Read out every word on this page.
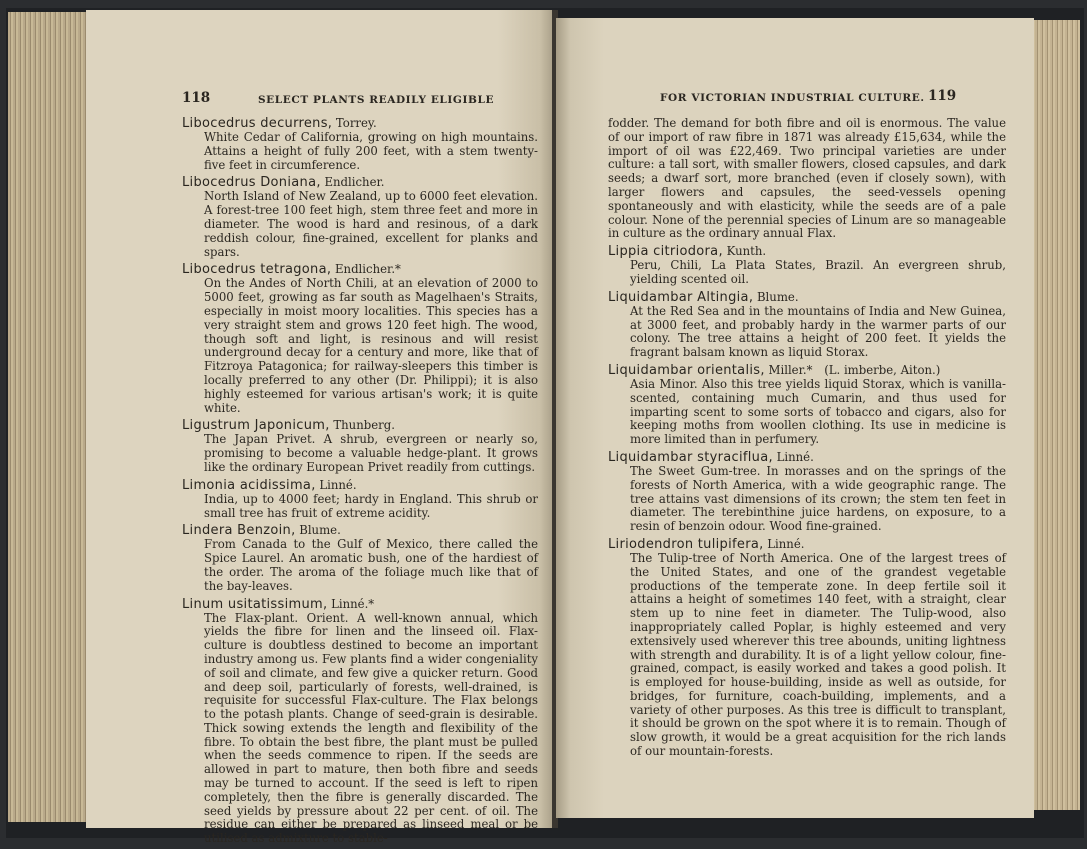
118	SELECT PLANTS READILY ELIGIBLE

Libocedrus decurrens, Torrey.

White Cedar of California, growing on high mountains. Attains a height of fully 200 feet, with a stem twenty-five feet in circumference.

Libocedrus Doniana, Endlicher.

North Island of New Zealand, up to 6000 feet elevation. A forest-tree 100 feet high, stem three feet and more in diameter. The wood is hard and resinous, of a dark reddish colour, fine-grained, excellent for planks and spars.

Libocedrus tetragona, Endlicher.*

On the Andes of North Chili, at an elevation of 2000 to 5000 feet, growing as far south as Magelhaen's Straits, especially in moist moory localities. This species has a very straight stem and grows 120 feet high. The wood, though soft and light, is resinous and will resist underground decay for a century and more, like that of Fitzroya Patagonica; for railway-sleepers this timber is locally preferred to any other (Dr. Philippi); it is also highly esteemed for various artisan's work; it is quite white.

Ligustrum Japonicum, Thunberg.

The Japan Privet. A shrub, evergreen or nearly so, promising to become a valuable hedge-plant. It grows like the ordinary European Privet readily from cuttings.

Limonia acidissima, Linné.

India, up to 4000 feet; hardy in England. This shrub or small tree has fruit of extreme acidity.

Lindera Benzoin, Blume.

From Canada to the Gulf of Mexico, there called the Spice Laurel. An aromatic bush, one of the hardiest of the order. The aroma of the foliage much like that of the bay-leaves.

Linum usitatissimum, Linné.*

The Flax-plant. Orient. A well-known annual, which yields the fibre for linen and the linseed oil. Flax-culture is doubtless destined to become an important industry among us. Few plants find a wider congeniality of soil and climate, and few give a quicker return. Good and deep soil, particularly of forests, well-drained, is requisite for successful Flax-culture. The Flax belongs to the potash plants. Change of seed-grain is desirable. Thick sowing extends the length and flexibility of the fibre. To obtain the best fibre, the plant must be pulled when the seeds commence to ripen. If the seeds are allowed in part to mature, then both fibre and seeds may be turned to account. If the seed is left to ripen completely, then the fibre is generally discarded. The seed yields by pressure about 22 per cent. of oil. The residue can either be prepared as linseed meal or be utilised as admixture to stable-

FOR VICTORIAN INDUSTRIAL CULTURE. 119

fodder. The demand for both fibre and oil is enormous. The value of our import of raw fibre in 1871 was already £15,634, while the import of oil was £22,469. Two principal varieties are under culture: a tall sort, with smaller flowers, closed capsules, and dark seeds; a dwarf sort, more branched (even if closely sown), with larger flowers and capsules, the seed-vessels opening spontaneously and with elasticity, while the seeds are of a pale colour. None of the perennial species of Linum are so manageable in culture as the ordinary annual Flax.

Lippia citriodora, Kunth.

Peru, Chili, La Plata States, Brazil. An evergreen shrub, yielding scented oil.

Liquidambar Altingia, Blume.

At the Red Sea and in the mountains of India and New Guinea, at 3000 feet, and probably hardy in the warmer parts of our colony. The tree attains a height of 200 feet. It yields the fragrant balsam known as liquid Storax.

Liquidambar orientalis, Miller.* (L. imberbe, Aiton.)

Asia Minor. Also this tree yields liquid Storax, which is vanilla-scented, containing much Cumarin, and thus used for imparting scent to some sorts of tobacco and cigars, also for keeping moths from woollen clothing. Its use in medicine is more limited than in perfumery.

Liquidambar styraciflua, Linné.

The Sweet Gum-tree. In morasses and on the springs of the forests of North America, with a wide geographic range. The tree attains vast dimensions of its crown; the stem ten feet in diameter. The terebinthine juice hardens, on exposure, to a resin of benzoin odour. Wood fine-grained.

Liriodendron tulipifera, Linné.

The Tulip-tree of North America. One of the largest trees of the United States, and one of the grandest vegetable productions of the temperate zone. In deep fertile soil it attains a height of sometimes 140 feet, with a straight, clear stem up to nine feet in diameter. The Tulip-wood, also inappropriately called Poplar, is highly esteemed and very extensively used wherever this tree abounds, uniting lightness with strength and durability. It is of a light yellow colour, fine-grained, compact, is easily worked and takes a good polish. It is employed for house-building, inside as well as outside, for bridges, for furniture, coach-building, implements, and a variety of other purposes. As this tree is difficult to transplant, it should be grown on the spot where it is to remain. Though of slow growth, it would be a great acquisition for the rich lands of our mountain-forests.
